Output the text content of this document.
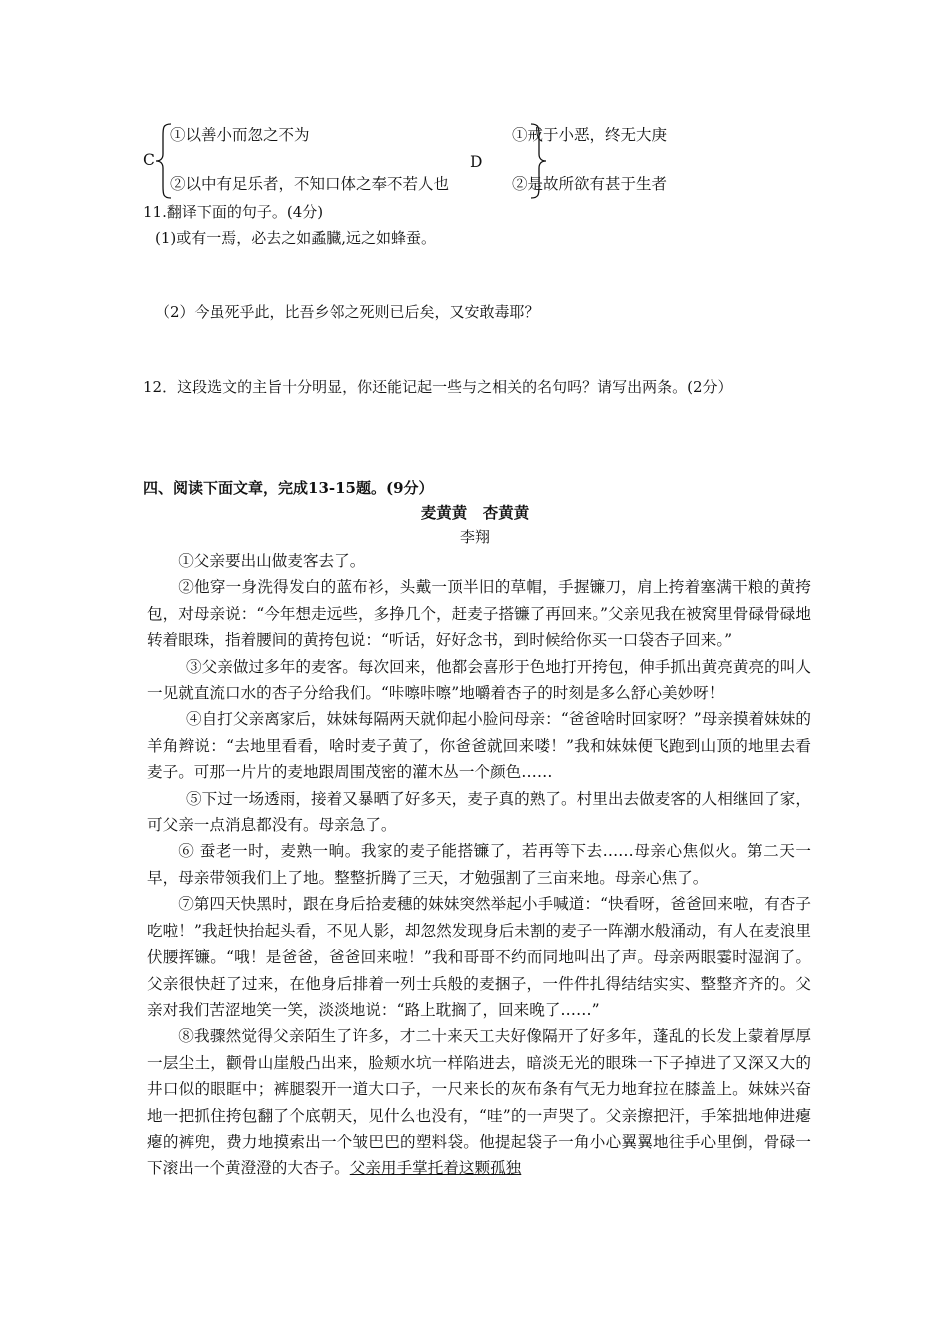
C
①以善小而忽之不为
②以中有足乐者，不知口体之奉不若人也
D
①戒于小恶，终无大庚
②是故所欲有甚于生者
11.翻译下面的句子。(4分)
(1)或有一焉，必去之如蟊臓,远之如蜂蚕。
（2）今虽死乎此，比吾乡邻之死则已后矣，又安敢毒耶？
12．这段选文的主旨十分明显，你还能记起一些与之相关的名句吗？请写出两条。(2分）
四、阅读下面文章，完成13-15题。(9分）
麦黄黄　杏黄黄
李翔

①父亲要出山做麦客去了。

②他穿一身洗得发白的蓝布衫，头戴一顶半旧的草帽，手握镰刀，肩上挎着塞满干粮的黄挎包，对母亲说：“今年想走远些，多挣几个，赶麦子搭镰了再回来。”父亲见我在被窝里骨碌骨碌地转着眼珠，指着腰间的黄挎包说：“听话，好好念书，到时候给你买一口袋杏子回来。”

③父亲做过多年的麦客。每次回来，他都会喜形于色地打开挎包，伸手抓出黄亮黄亮的叫人一见就直流口水的杏子分给我们。“咔嚓咔嚓”地嚼着杏子的时刻是多么舒心美妙呀！

④自打父亲离家后，妹妹每隔两天就仰起小脸问母亲：“爸爸啥时回家呀？”母亲摸着妹妹的羊角辫说：“去地里看看，啥时麦子黄了，你爸爸就回来喽！”我和妹妹便飞跑到山顶的地里去看麦子。可那一片片的麦地跟周围茂密的灌木丛一个颜色……

⑤下过一场透雨，接着又暴晒了好多天，麦子真的熟了。村里出去做麦客的人相继回了家，可父亲一点消息都没有。母亲急了。

⑥ 蚕老一时，麦熟一晌。我家的麦子能搭镰了，若再等下去……母亲心焦似火。第二天一早，母亲带领我们上了地。整整折腾了三天，才勉强割了三亩来地。母亲心焦了。

⑦第四天快黑时，跟在身后拾麦穗的妹妹突然举起小手喊道：“快看呀，爸爸回来啦，有杏子吃啦！”我赶快抬起头看，不见人影，却忽然发现身后未割的麦子一阵潮水般涌动，有人在麦浪里伏腰挥镰。“哦！是爸爸，爸爸回来啦！”我和哥哥不约而同地叫出了声。母亲两眼霎时湿润了。父亲很快赶了过来，在他身后排着一列士兵般的麦捆子，一件件扎得结结实实、整整齐齐的。父亲对我们苦涩地笑一笑，淡淡地说：“路上耽搁了，回来晚了……”

⑧我骤然觉得父亲陌生了许多，才二十来天工夫好像隔开了好多年，蓬乱的长发上蒙着厚厚一层尘土，颧骨山崖般凸出来，脸颊水坑一样陷进去，暗淡无光的眼珠一下子掉进了又深又大的井口似的眼眶中；裤腿裂开一道大口子，一尺来长的灰布条有气无力地耷拉在膝盖上。妹妹兴奋地一把抓住挎包翻了个底朝天，见什么也没有，“哇”的一声哭了。父亲擦把汗，手笨拙地伸进瘪瘪的裤兜，费力地摸索出一个皱巴巴的塑料袋。他提起袋子一角小心翼翼地往手心里倒，骨碌一下滚出一个黄澄澄的大杏子。父亲用手掌托着这颗孤独
